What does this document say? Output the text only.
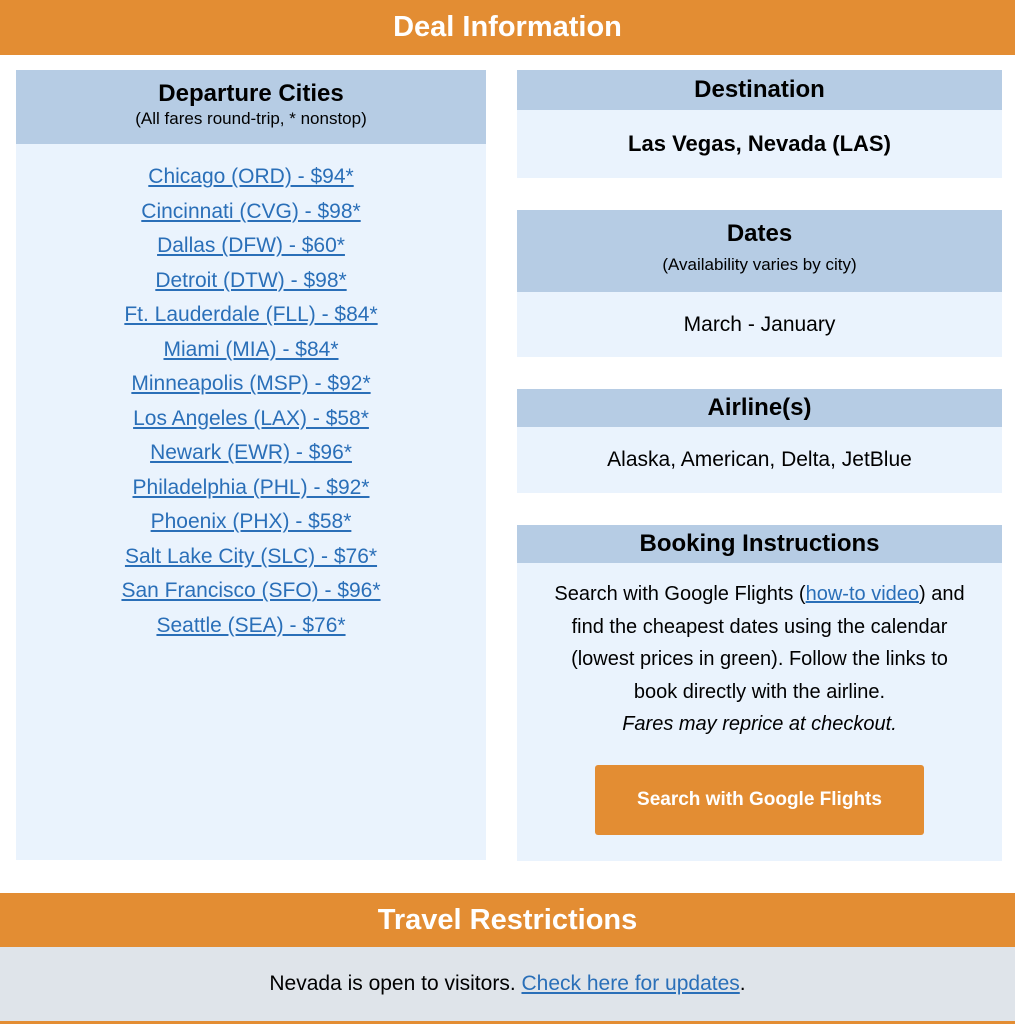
Deal Information
Departure Cities
(All fares round-trip, * nonstop)
Chicago (ORD) - $94*
Cincinnati (CVG) - $98*
Dallas (DFW) - $60*
Detroit (DTW) - $98*
Ft. Lauderdale (FLL) - $84*
Miami (MIA) - $84*
Minneapolis (MSP) - $92*
Los Angeles (LAX) - $58*
Newark (EWR) - $96*
Philadelphia (PHL) - $92*
Phoenix (PHX) - $58*
Salt Lake City (SLC) - $76*
San Francisco (SFO) - $96*
Seattle (SEA) - $76*
Destination
Las Vegas, Nevada (LAS)
Dates
(Availability varies by city)
March - January
Airline(s)
Alaska, American, Delta, JetBlue
Booking Instructions
Search with Google Flights (how-to video) and find the cheapest dates using the calendar (lowest prices in green). Follow the links to book directly with the airline.
Fares may reprice at checkout.
Search with Google Flights
Travel Restrictions
Nevada is open to visitors. Check here for updates.
